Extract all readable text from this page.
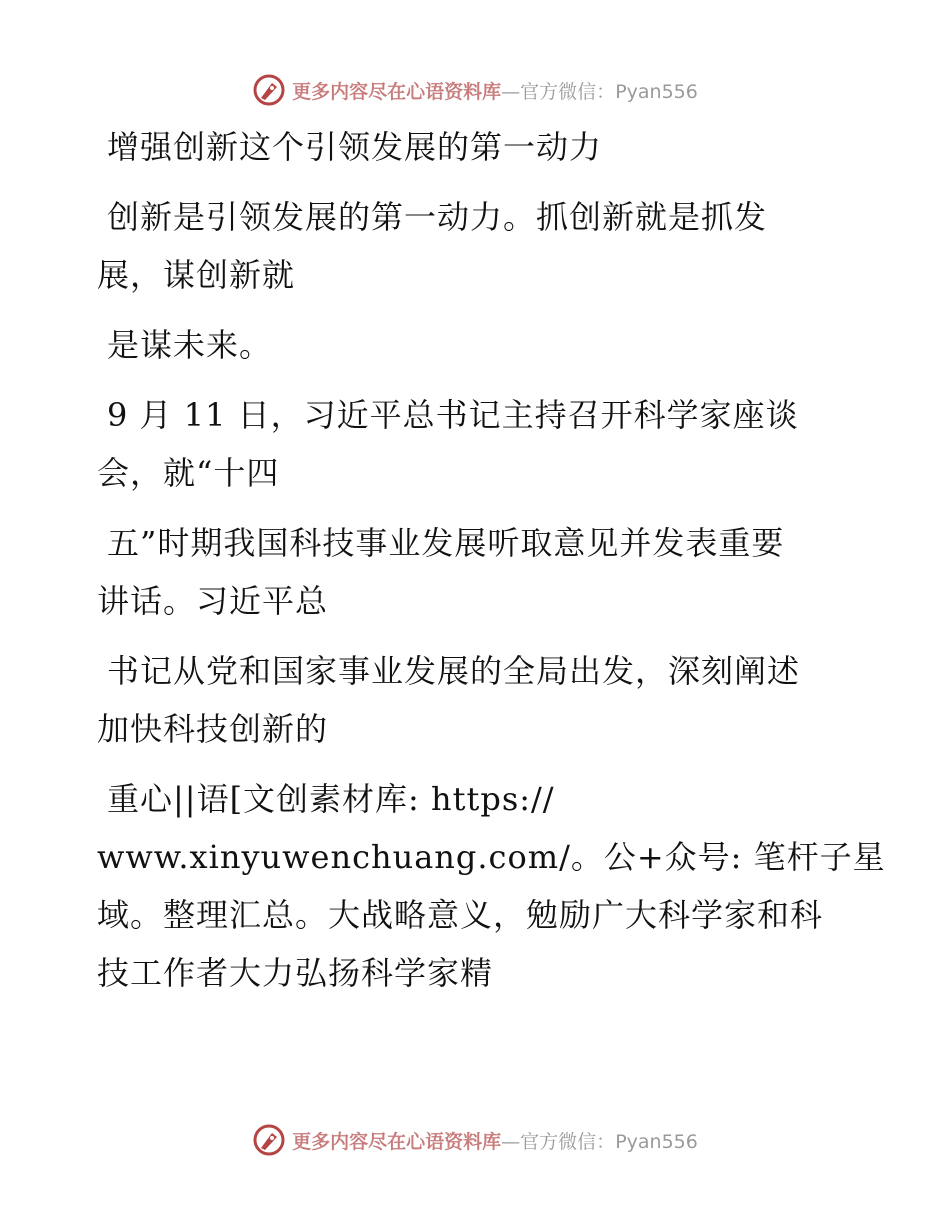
更多内容尽在心语资料库—官方微信：Pyan556
增强创新这个引领发展的第一动力
创新是引领发展的第一动力。抓创新就是抓发
展，谋创新就
是谋未来。
9 月 11 日，习近平总书记主持召开科学家座谈
会，就“十四
五”时期我国科技事业发展听取意见并发表重要
讲话。习近平总
书记从党和国家事业发展的全局出发，深刻阐述
加快科技创新的
重心||语[文创素材库: https://
www.xinyuwenchuang.com/。公+众号: 笔杆子星
域。整理汇总。大战略意义，勉励广大科学家和科
技工作者大力弘扬科学家精
更多内容尽在心语资料库—官方微信：Pyan556
